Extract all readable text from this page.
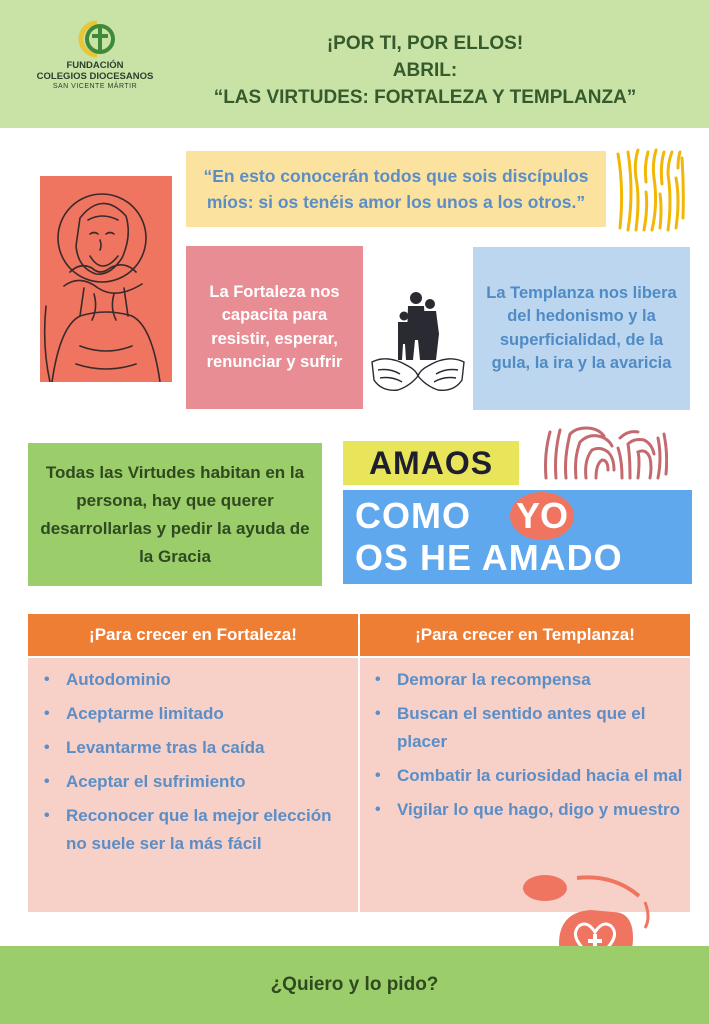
FUNDACIÓN
COLEGIOS DIOCESANOS
SAN VICENTE MÁRTIR
¡POR TI, POR ELLOS!
ABRIL:
“LAS VIRTUDES: FORTALEZA Y TEMPLANZA”
“En esto conocerán todos que sois discípulos míos: si os tenéis amor los unos a los otros.”
La Fortaleza nos capacita para resistir, esperar, renunciar y sufrir
La Templanza nos libera del hedonismo y la superficialidad, de la gula, la ira y la avaricia
Todas las Virtudes habitan en la persona, hay que querer desarrollarlas y pedir la ayuda de la Gracia
AMAOS
COMO YO
OS HE AMADO
¡Para crecer en Fortaleza!	¡Para crecer en Templanza!
• Autodominio
• Aceptarme limitado
• Levantarme tras la caída
• Aceptar el sufrimiento
• Reconocer que la mejor elección no suele ser la más fácil
• Demorar la recompensa
• Buscan el sentido antes que el placer
• Combatir la curiosidad hacia el mal
• Vigilar lo que hago, digo y muestro
¿Quiero y lo pido?
